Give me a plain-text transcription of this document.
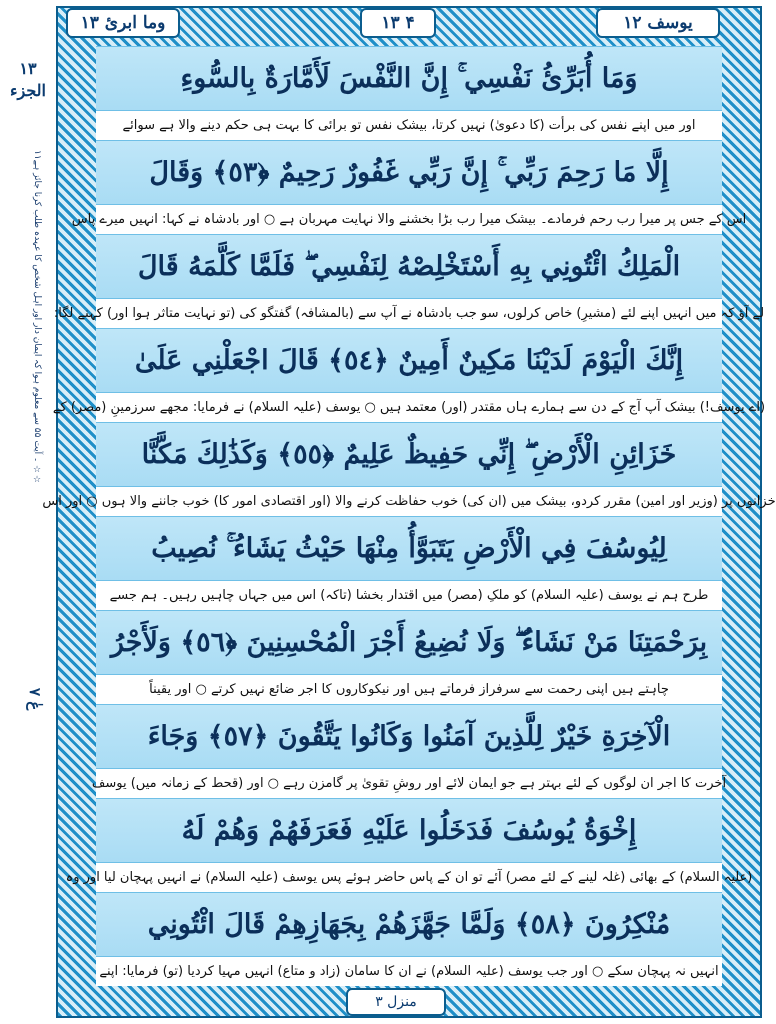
۱۳
الجزء
۱۱۔ آیت ۵۵ سے معلوم ہوا کہ ایمان دار اور اہل شخص کا عہدہ طلب کرنا جائز ہے ☆☆
عٰ ۷
وما ابرئ ۱۳	۴ ۱۳	یوسف ۱۲
وَمَا أُبَرِّئُ نَفْسِي ۚ إِنَّ النَّفْسَ لَأَمَّارَةٌ بِالسُّوءِ
اور میں اپنے نفس کی برأت (کا دعویٰ) نہیں کرتا، بیشک نفس تو برائی کا بہت ہی حکم دینے والا ہے سوائے
إِلَّا مَا رَحِمَ رَبِّي ۚ إِنَّ رَبِّي غَفُورٌ رَحِيمٌ ﴿٥٣﴾ وَقَالَ
اس کے جس پر میرا رب رحم فرمادے۔ بیشک میرا رب بڑا بخشنے والا نہایت مہربان ہے ○ اور بادشاہ نے کہا: انہیں میرے پاس
الْمَلِكُ ائْتُونِي بِهِ أَسْتَخْلِصْهُ لِنَفْسِي ۖ فَلَمَّا كَلَّمَهُ قَالَ
لے آؤ کہ میں انہیں اپنے لئے (مشیرِ) خاص کرلوں، سو جب بادشاہ نے آپ سے (بالمشافہ) گفتگو کی (تو نہایت متاثر ہوا اور) کہنے لگا:
إِنَّكَ الْيَوْمَ لَدَيْنَا مَكِينٌ أَمِينٌ ﴿٥٤﴾ قَالَ اجْعَلْنِي عَلَىٰ
(اے یوسف!) بیشک آپ آج کے دن سے ہمارے ہاں مقتدر (اور) معتمد ہیں ○ یوسف (علیہ السلام) نے فرمایا: مجھے سرزمینِ (مصر) کے
خَزَائِنِ الْأَرْضِ ۖ إِنِّي حَفِيظٌ عَلِيمٌ ﴿٥٥﴾ وَكَذَٰلِكَ مَكَّنَّا
خزانوں پر (وزیر اور امین) مقرر کردو، بیشک میں (ان کی) خوب حفاظت کرنے والا (اور اقتصادی امور کا) خوب جاننے والا ہوں ○ اور اس
لِيُوسُفَ فِي الْأَرْضِ يَتَبَوَّأُ مِنْهَا حَيْثُ يَشَاءُ ۚ نُصِيبُ
طرح ہم نے یوسف (علیہ السلام) کو ملکِ (مصر) میں اقتدار بخشا (تاکہ) اس میں جہاں چاہیں رہیں۔ ہم جسے
بِرَحْمَتِنَا مَنْ نَشَاءُ ۖ وَلَا نُضِيعُ أَجْرَ الْمُحْسِنِينَ ﴿٥٦﴾ وَلَأَجْرُ
چاہتے ہیں اپنی رحمت سے سرفراز فرماتے ہیں اور نیکوکاروں کا اجر ضائع نہیں کرتے ○ اور یقیناً
الْآخِرَةِ خَيْرٌ لِلَّذِينَ آمَنُوا وَكَانُوا يَتَّقُونَ ﴿٥٧﴾ وَجَاءَ
آخرت کا اجر ان لوگوں کے لئے بہتر ہے جو ایمان لائے اور روشِ تقویٰ پر گامزن رہے ○ اور (قحط کے زمانہ میں) یوسف
إِخْوَةُ يُوسُفَ فَدَخَلُوا عَلَيْهِ فَعَرَفَهُمْ وَهُمْ لَهُ
(علیہ السلام) کے بھائی (غلہ لینے کے لئے مصر) آئے تو ان کے پاس حاضر ہوئے پس یوسف (علیہ السلام) نے انہیں پہچان لیا اور وہ
مُنْكِرُونَ ﴿٥٨﴾ وَلَمَّا جَهَّزَهُمْ بِجَهَازِهِمْ قَالَ ائْتُونِي
انہیں نہ پہچان سکے ○ اور جب یوسف (علیہ السلام) نے ان کا سامان (زاد و متاع) انہیں مہیا کردیا (تو) فرمایا: اپنے
منزل ۳
